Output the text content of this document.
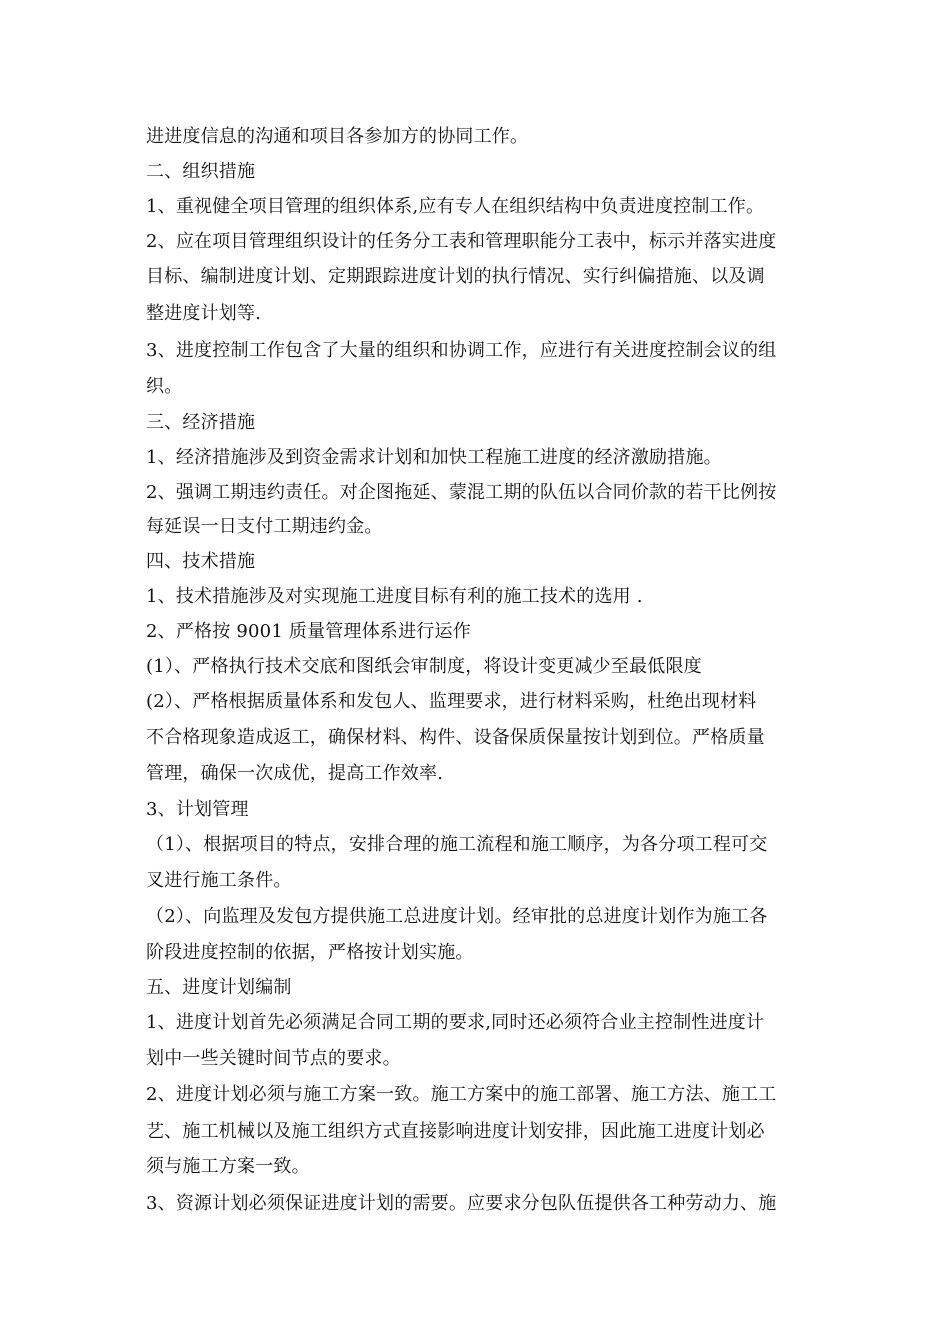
进进度信息的沟通和项目各参加方的协同工作。
二、组织措施
1、重视健全项目管理的组织体系,应有专人在组织结构中负责进度控制工作。
2、应在项目管理组织设计的任务分工表和管理职能分工表中，标示并落实进度
目标、编制进度计划、定期跟踪进度计划的执行情况、实行纠偏措施、以及调
整进度计划等.
3、进度控制工作包含了大量的组织和协调工作，应进行有关进度控制会议的组
织。
三、经济措施
1、经济措施涉及到资金需求计划和加快工程施工进度的经济激励措施。
2、强调工期违约责任。对企图拖延、蒙混工期的队伍以合同价款的若干比例按
每延误一日支付工期违约金。
四、技术措施
1、技术措施涉及对实现施工进度目标有利的施工技术的选用 .
2、严格按 9001 质量管理体系进行运作
(1）、严格执行技术交底和图纸会审制度，将设计变更减少至最低限度
(2）、严格根据质量体系和发包人、监理要求，进行材料采购，杜绝出现材料
不合格现象造成返工，确保材料、构件、设备保质保量按计划到位。严格质量
管理，确保一次成优，提高工作效率.
3、计划管理
（1）、根据项目的特点，安排合理的施工流程和施工顺序，为各分项工程可交
叉进行施工条件。
（2）、向监理及发包方提供施工总进度计划。经审批的总进度计划作为施工各
阶段进度控制的依据，严格按计划实施。
五、进度计划编制
1、进度计划首先必须满足合同工期的要求,同时还必须符合业主控制性进度计
划中一些关键时间节点的要求。
2、进度计划必须与施工方案一致。施工方案中的施工部署、施工方法、施工工
艺、施工机械以及施工组织方式直接影响进度计划安排，因此施工进度计划必
须与施工方案一致。
3、资源计划必须保证进度计划的需要。应要求分包队伍提供各工种劳动力、施
